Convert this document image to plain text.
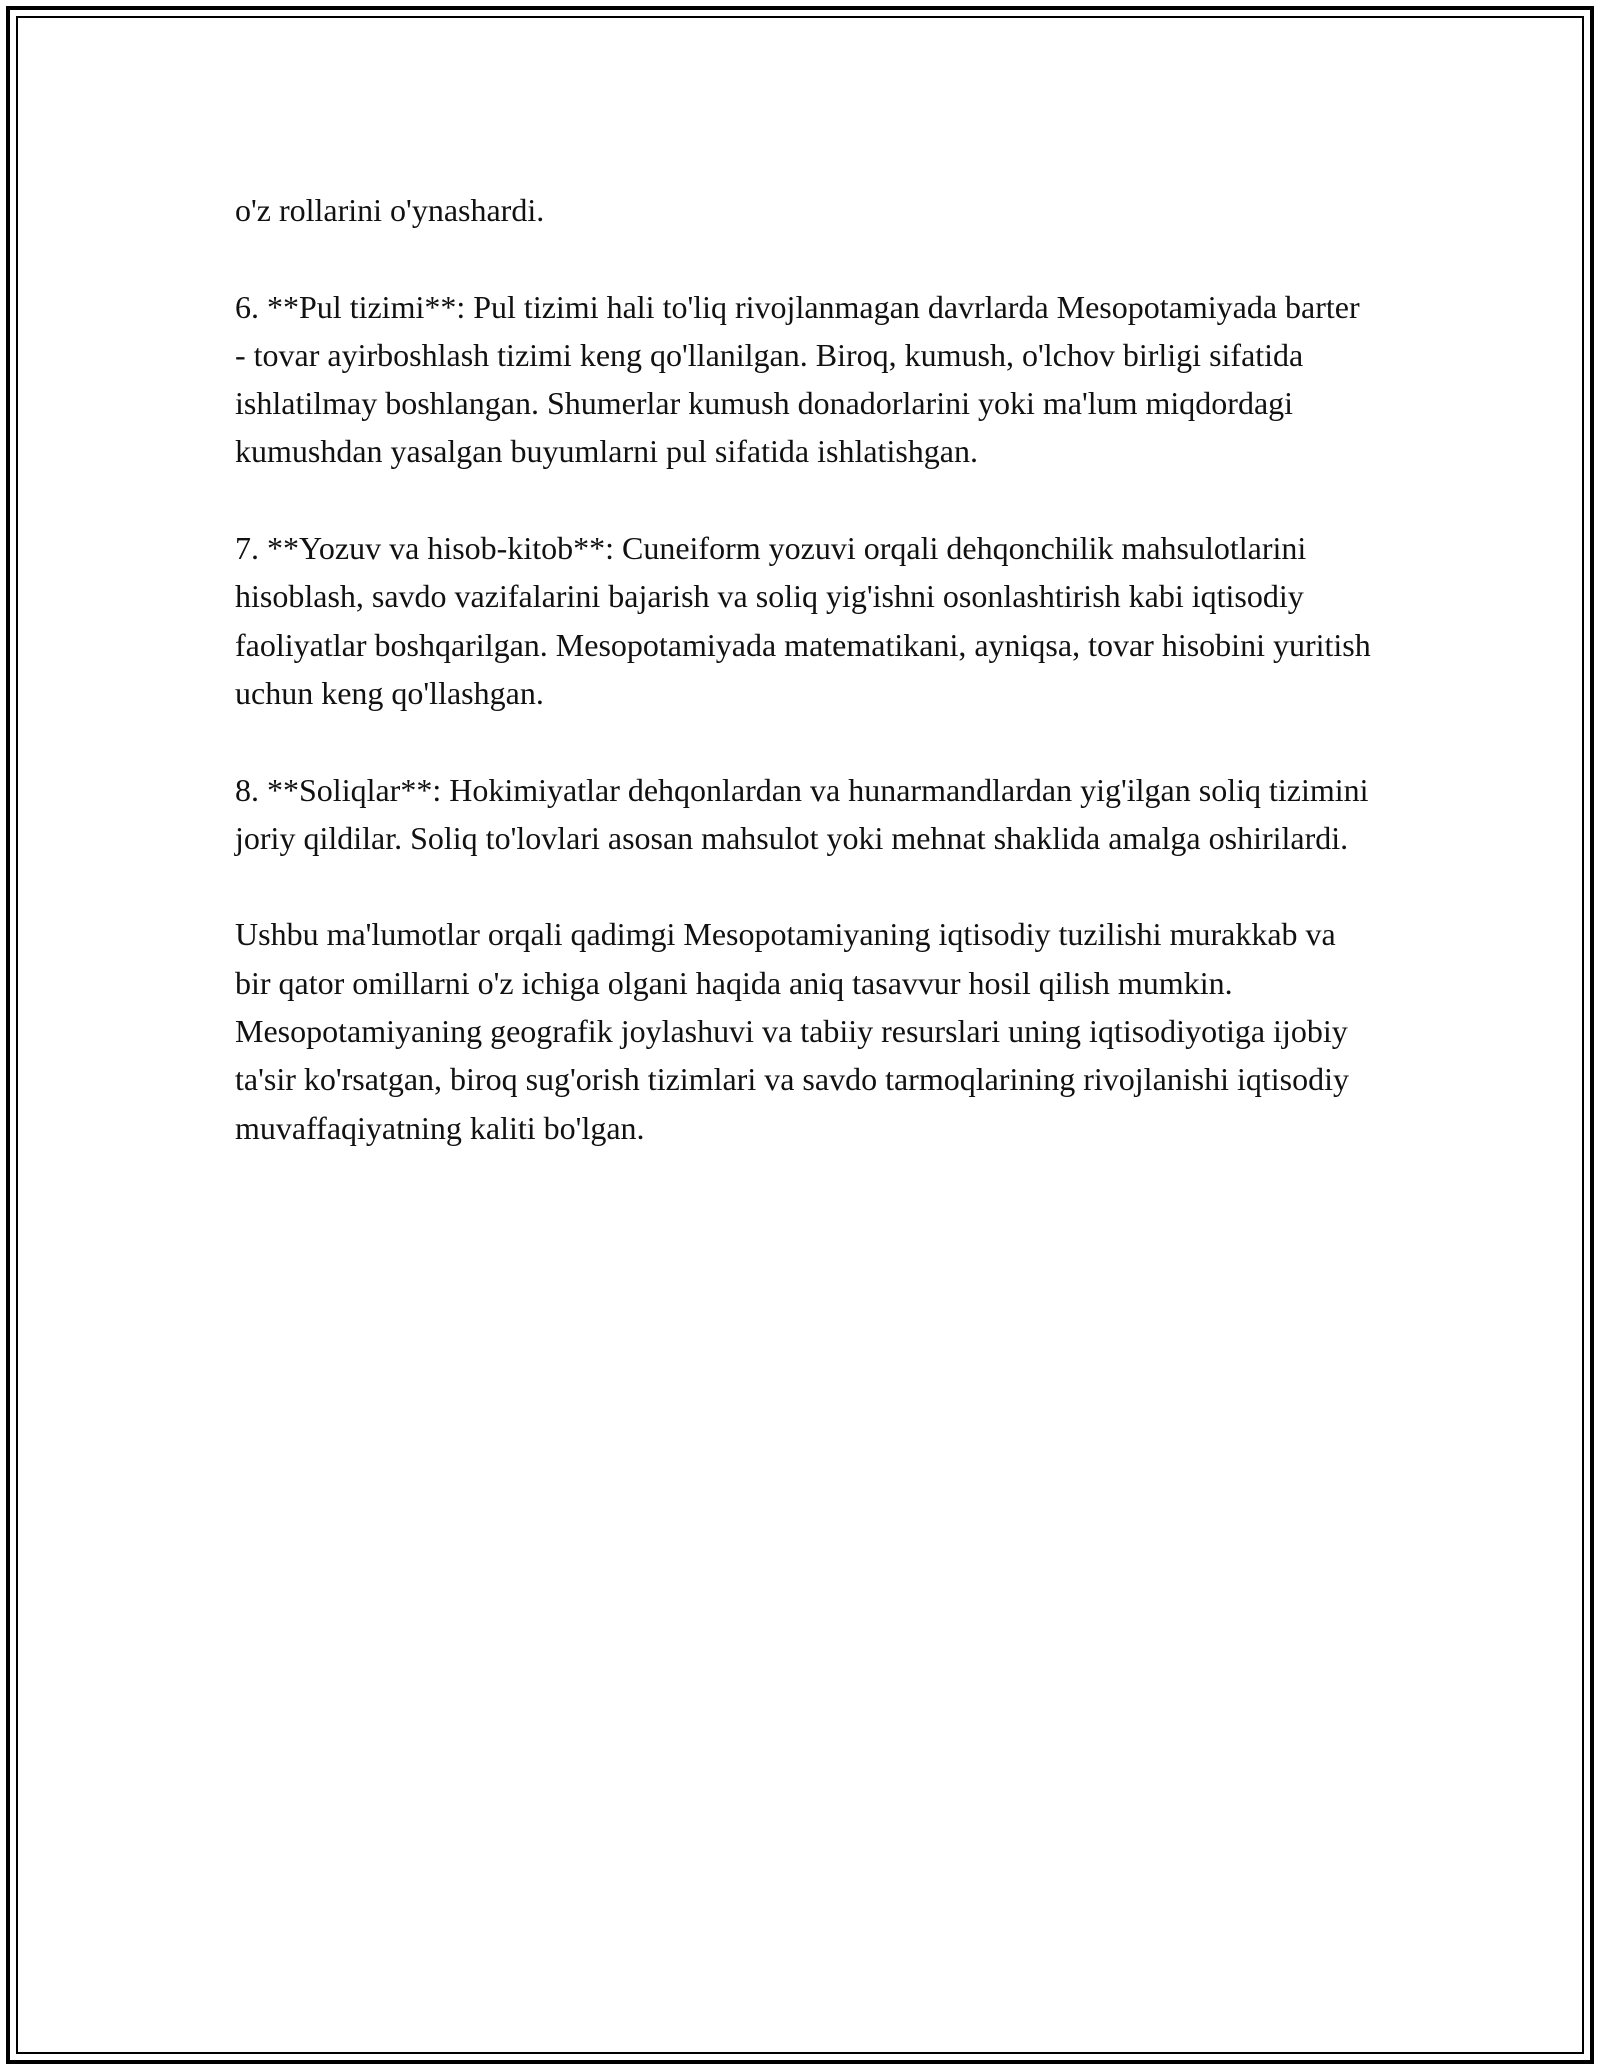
o'z rollarini o'ynashardi.

6. **Pul tizimi**: Pul tizimi hali to'liq rivojlanmagan davrlarda Mesopotamiyada barter - tovar ayirboshlash tizimi keng qo'llanilgan. Biroq, kumush, o'lchov birligi sifatida ishlatilmay boshlangan. Shumerlar kumush donadorlarini yoki ma'lum miqdordagi kumushdan yasalgan buyumlarni pul sifatida ishlatishgan.

7. **Yozuv va hisob-kitob**: Cuneiform yozuvi orqali dehqonchilik mahsulotlarini hisoblash, savdo vazifalarini bajarish va soliq yig'ishni osonlashtirish kabi iqtisodiy faoliyatlar boshqarilgan. Mesopotamiyada matematikani, ayniqsa, tovar hisobini yuritish uchun keng qo'llashgan.

8. **Soliqlar**: Hokimiyatlar dehqonlardan va hunarmandlardan yig'ilgan soliq tizimini joriy qildilar. Soliq to'lovlari asosan mahsulot yoki mehnat shaklida amalga oshirilardi.

Ushbu ma'lumotlar orqali qadimgi Mesopotamiyaning iqtisodiy tuzilishi murakkab va bir qator omillarni o'z ichiga olgani haqida aniq tasavvur hosil qilish mumkin. Mesopotamiyaning geografik joylashuvi va tabiiy resurslari uning iqtisodiyotiga ijobiy ta'sir ko'rsatgan, biroq sug'orish tizimlari va savdo tarmoqlarining rivojlanishi iqtisodiy muvaffaqiyatning kaliti bo'lgan.
